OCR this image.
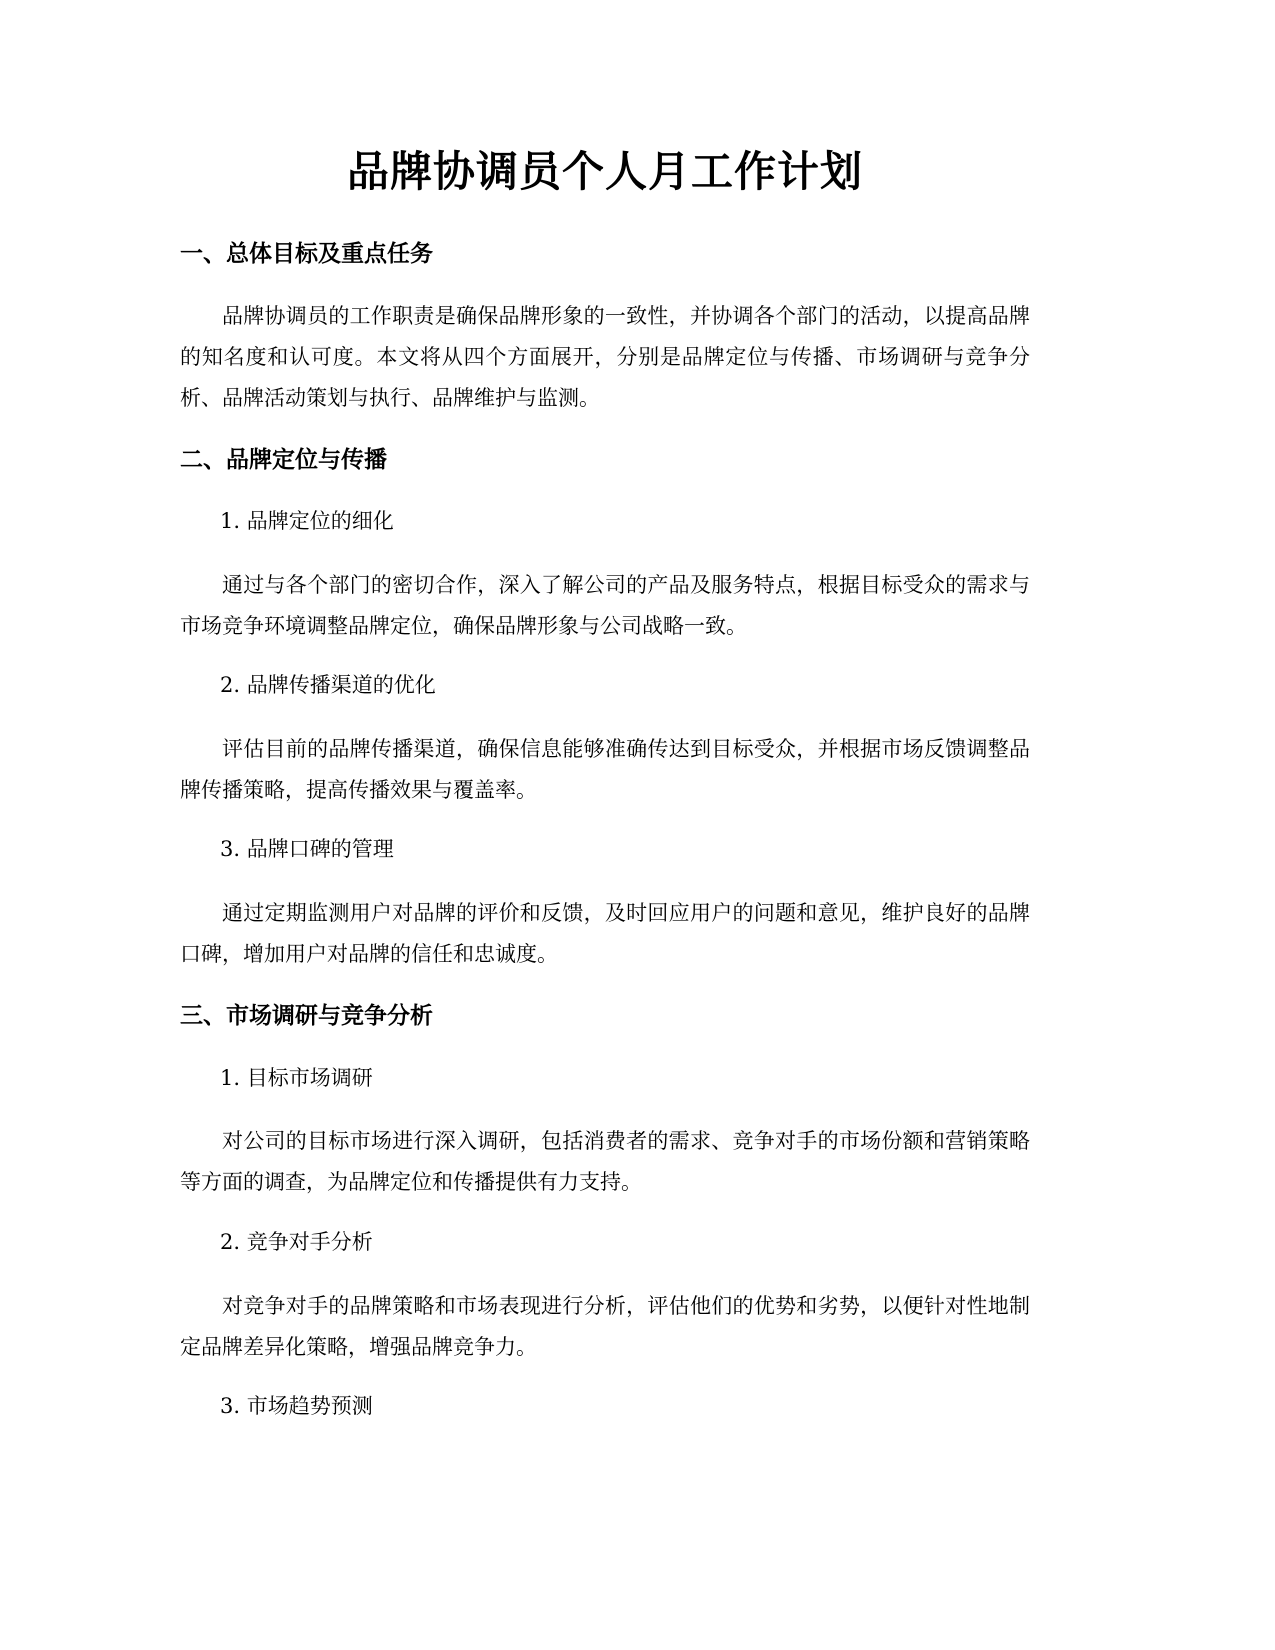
品牌协调员个人月工作计划
一、总体目标及重点任务
品牌协调员的工作职责是确保品牌形象的一致性，并协调各个部门的活动，以提高品牌的知名度和认可度。本文将从四个方面展开，分别是品牌定位与传播、市场调研与竞争分析、品牌活动策划与执行、品牌维护与监测。
二、品牌定位与传播
1. 品牌定位的细化
通过与各个部门的密切合作，深入了解公司的产品及服务特点，根据目标受众的需求与市场竞争环境调整品牌定位，确保品牌形象与公司战略一致。
2. 品牌传播渠道的优化
评估目前的品牌传播渠道，确保信息能够准确传达到目标受众，并根据市场反馈调整品牌传播策略，提高传播效果与覆盖率。
3. 品牌口碑的管理
通过定期监测用户对品牌的评价和反馈，及时回应用户的问题和意见，维护良好的品牌口碑，增加用户对品牌的信任和忠诚度。
三、市场调研与竞争分析
1. 目标市场调研
对公司的目标市场进行深入调研，包括消费者的需求、竞争对手的市场份额和营销策略等方面的调查，为品牌定位和传播提供有力支持。
2. 竞争对手分析
对竞争对手的品牌策略和市场表现进行分析，评估他们的优势和劣势，以便针对性地制定品牌差异化策略，增强品牌竞争力。
3. 市场趋势预测
